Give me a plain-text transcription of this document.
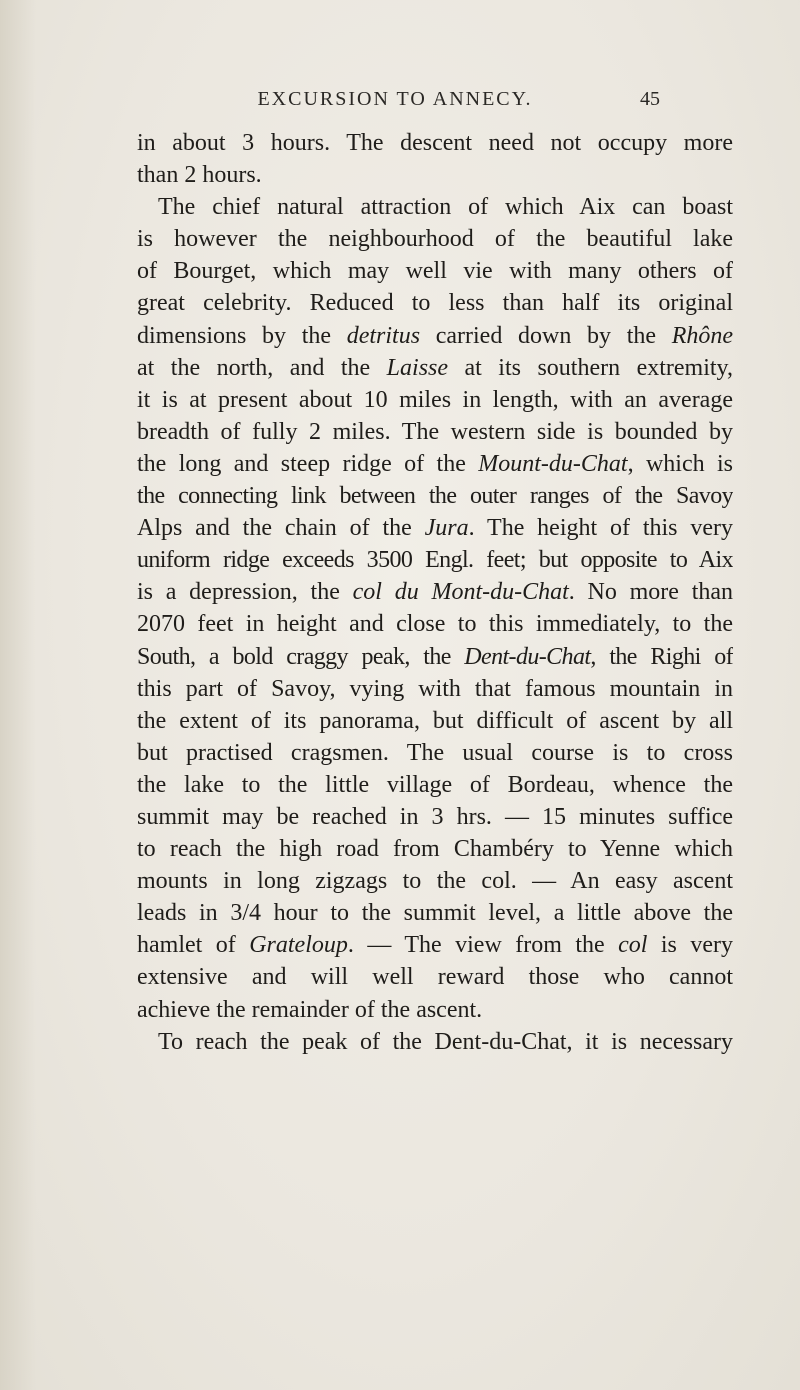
EXCURSION TO ANNECY.	45
in about 3 hours. The descent need not occupy more
than 2 hours.
The chief natural attraction of which Aix can boast
is however the neighbourhood of the beautiful lake
of Bourget, which may well vie with many others of
great celebrity. Reduced to less than half its original
dimensions by the detritus carried down by the Rhône
at the north, and the Laisse at its southern extremity,
it is at present about 10 miles in length, with an average
breadth of fully 2 miles. The western side is bounded by
the long and steep ridge of the Mount-du-Chat, which is
the connecting link between the outer ranges of the Savoy
Alps and the chain of the Jura. The height of this very
uniform ridge exceeds 3500 Engl. feet; but opposite to Aix
is a depression, the col du Mont-du-Chat. No more than
2070 feet in height and close to this immediately, to the
South, a bold craggy peak, the Dent-du-Chat, the Righi of
this part of Savoy, vying with that famous mountain in
the extent of its panorama, but difficult of ascent by all
but practised cragsmen. The usual course is to cross
the lake to the little village of Bordeau, whence the
summit may be reached in 3 hrs. — 15 minutes suffice
to reach the high road from Chambéry to Yenne which
mounts in long zigzags to the col. — An easy ascent
leads in 3/4 hour to the summit level, a little above the
hamlet of Grateloup. — The view from the col is very
extensive and will well reward those who cannot
achieve the remainder of the ascent.
To reach the peak of the Dent-du-Chat, it is necessary
